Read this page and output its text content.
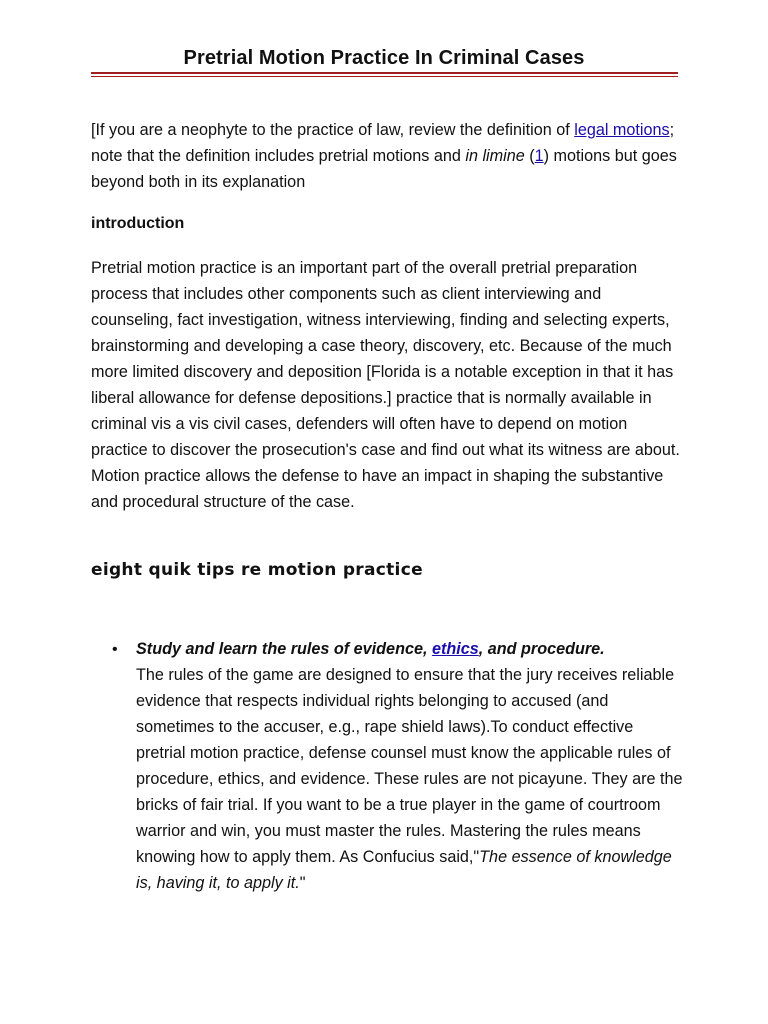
Pretrial Motion Practice In Criminal Cases

[If you are a neophyte to the practice of law, review the definition of legal motions; note that the definition includes pretrial motions and in limine (1) motions but goes beyond both in its explanation

introduction

Pretrial motion practice is an important part of the overall pretrial preparation process that includes other components such as client interviewing and counseling, fact investigation, witness interviewing, finding and selecting experts, brainstorming and developing a case theory, discovery, etc. Because of the much more limited discovery and deposition [Florida is a notable exception in that it has liberal allowance for defense depositions.] practice that is normally available in criminal vis a vis civil cases, defenders will often have to depend on motion practice to discover the prosecution's case and find out what its witness are about. Motion practice allows the defense to have an impact in shaping the substantive and procedural structure of the case.

eight quik tips re motion practice
• Study and learn the rules of evidence, ethics, and procedure.
The rules of the game are designed to ensure that the jury receives reliable evidence that respects individual rights belonging to accused (and sometimes to the accuser, e.g., rape shield laws).To conduct effective pretrial motion practice, defense counsel must know the applicable rules of procedure, ethics, and evidence. These rules are not picayune. They are the bricks of fair trial. If you want to be a true player in the game of courtroom warrior and win, you must master the rules. Mastering the rules means knowing how to apply them. As Confucius said,"The essence of knowledge is, having it, to apply it."
